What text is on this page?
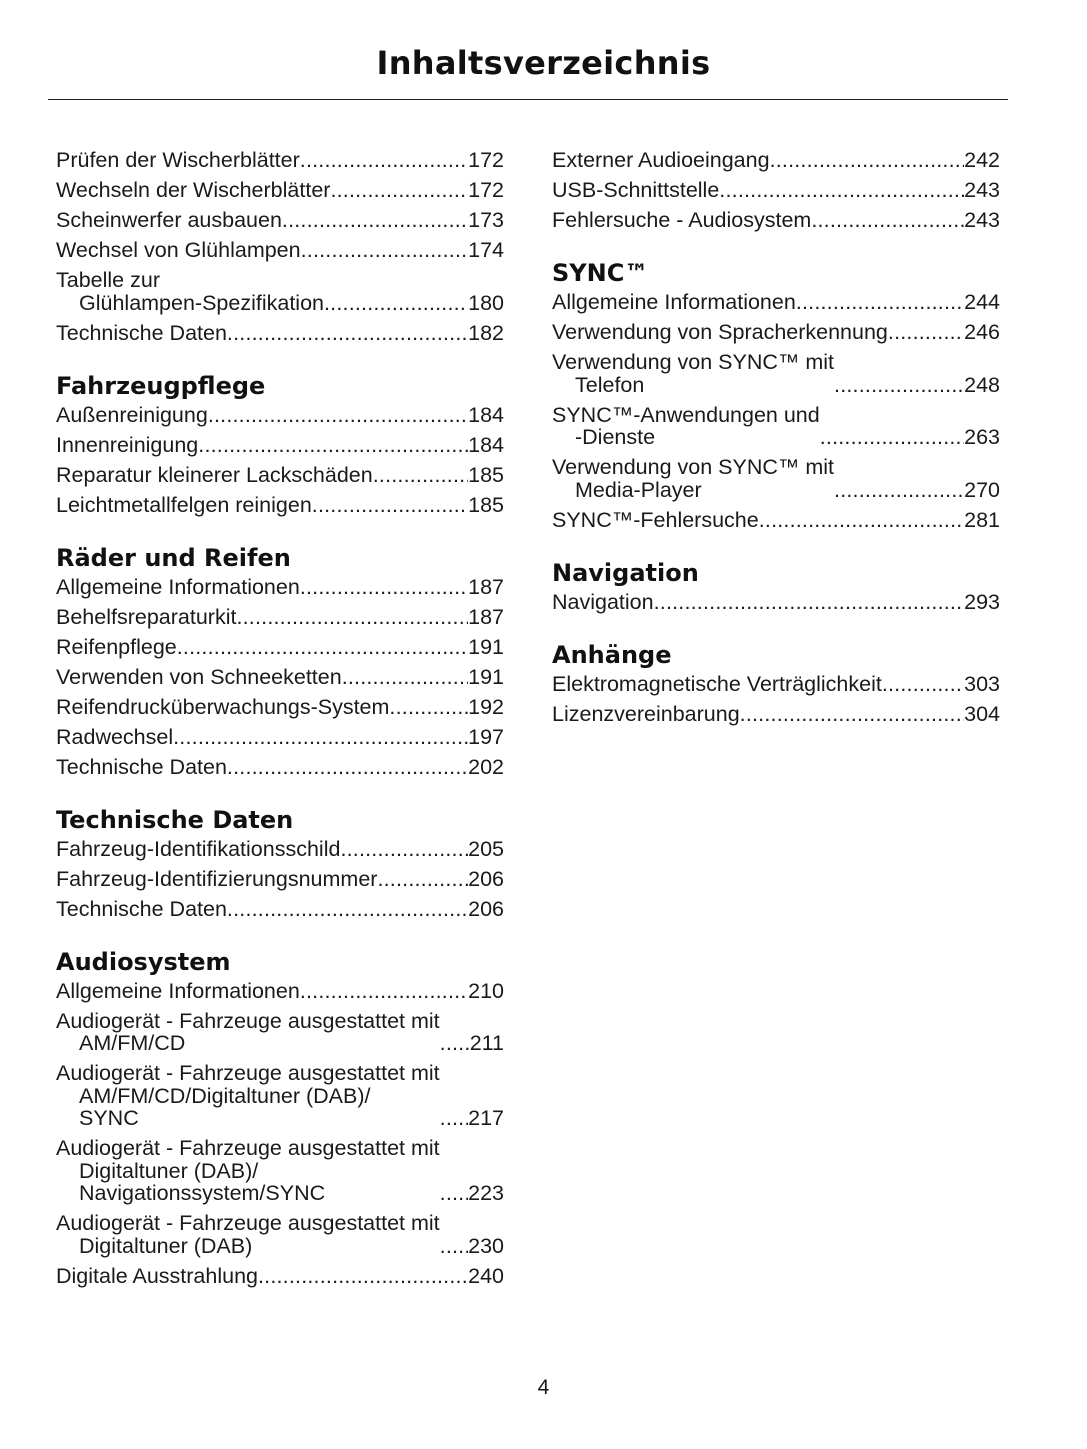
Inhaltsverzeichnis
Prüfen der Wischerblätter .....	172
Wechseln der Wischerblätter .....	172
Scheinwerfer ausbauen .....	173
Wechsel von Glühlampen .....	174
Tabelle zur
Glühlampen-Spezifikation .....	180
Technische Daten .....	182
Fahrzeugpflege
Außenreinigung .....	184
Innenreinigung .....	184
Reparatur kleinerer Lackschäden .....	185
Leichtmetallfelgen reinigen .....	185
Räder und Reifen
Allgemeine Informationen .....	187
Behelfsreparaturkit .....	187
Reifenpflege .....	191
Verwenden von Schneeketten .....	191
Reifendrucküberwachungs-System .....	192
Radwechsel .....	197
Technische Daten .....	202
Technische Daten
Fahrzeug-Identifikationsschild .....	205
Fahrzeug-Identifizierungsnummer .....	206
Technische Daten .....	206
Audiosystem
Allgemeine Informationen .....	210
Audiogerät - Fahrzeuge ausgestattet mit
AM/FM/CD .....	211
Audiogerät - Fahrzeuge ausgestattet mit
AM/FM/CD/Digitaltuner (DAB)/
SYNC .....	217
Audiogerät - Fahrzeuge ausgestattet mit
Digitaltuner (DAB)/
Navigationssystem/SYNC .....	223
Audiogerät - Fahrzeuge ausgestattet mit
Digitaltuner (DAB) .....	230
Digitale Ausstrahlung .....	240
Externer Audioeingang .....	242
USB-Schnittstelle .....	243
Fehlersuche - Audiosystem .....	243
SYNC™
Allgemeine Informationen .....	244
Verwendung von Spracherkennung .....	246
Verwendung von SYNC™ mit
Telefon .....	248
SYNC™-Anwendungen und
-Dienste .....	263
Verwendung von SYNC™ mit
Media-Player .....	270
SYNC™-Fehlersuche .....	281
Navigation
Navigation .....	293
Anhänge
Elektromagnetische Verträglichkeit .....	303
Lizenzvereinbarung .....	304
4
